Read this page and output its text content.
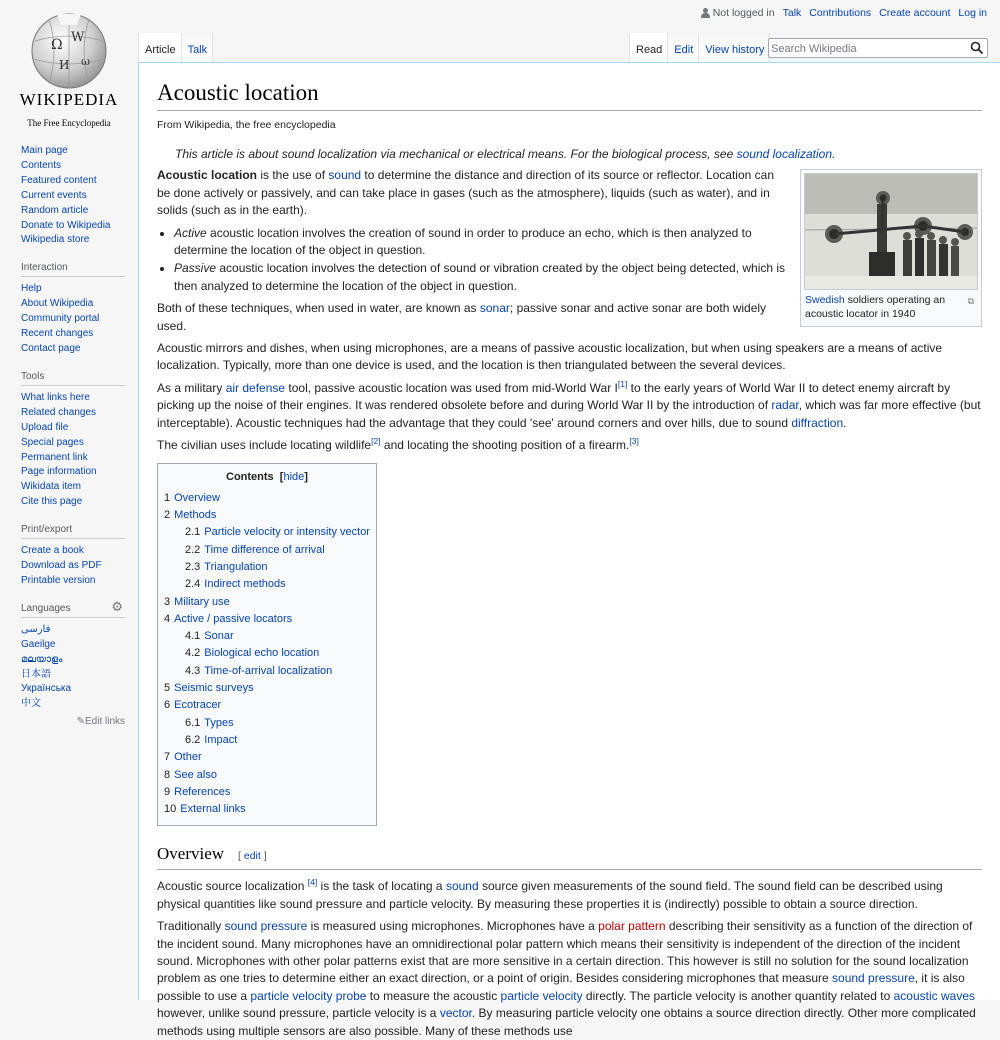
Ω W
И ω
WIKIPEDIA
The Free Encyclopedia
Not logged in Talk Contributions Create account Log in
Article	Talk	Read	Edit	View history
Search Wikipedia
Main page
Contents
Featured content
Current events
Random article
Donate to Wikipedia
Wikipedia store
Interaction
Help
About Wikipedia
Community portal
Recent changes
Contact page
Tools
What links here
Related changes
Upload file
Special pages
Permanent link
Page information
Wikidata item
Cite this page
Print/export
Create a book
Download as PDF
Printable version
Languages	⚙
فارسی
Gaeilge
മലയാളം
日本語
Українська
中文
✎Edit links
Acoustic location
From Wikipedia, the free encyclopedia
This article is about sound localization via mechanical or electrical means. For the biological process, see sound localization.
⧉
Swedish soldiers operating an acoustic locator in 1940

Acoustic location is the use of sound to determine the distance and direction of its source or reflector. Location can be done actively or passively, and can take place in gases (such as the atmosphere), liquids (such as water), and in solids (such as in the earth).

• Active acoustic location involves the creation of sound in order to produce an echo, which is then analyzed to determine the location of the object in question.
• Passive acoustic location involves the detection of sound or vibration created by the object being detected, which is then analyzed to determine the location of the object in question.

Both of these techniques, when used in water, are known as sonar; passive sonar and active sonar are both widely used.

Acoustic mirrors and dishes, when using microphones, are a means of passive acoustic localization, but when using speakers are a means of active localization. Typically, more than one device is used, and the location is then triangulated between the several devices.

As a military air defense tool, passive acoustic location was used from mid-World War I[1] to the early years of World War II to detect enemy aircraft by picking up the noise of their engines. It was rendered obsolete before and during World War II by the introduction of radar, which was far more effective (but interceptable). Acoustic techniques had the advantage that they could 'see' around corners and over hills, due to sound diffraction.

The civilian uses include locating wildlife[2] and locating the shooting position of a firearm.[3]

Contents  [hide]
1 Overview
2 Methods
2.1 Particle velocity or intensity vector
2.2 Time difference of arrival
2.3 Triangulation
2.4 Indirect methods
3 Military use
4 Active / passive locators
4.1 Sonar
4.2 Biological echo location
4.3 Time-of-arrival localization
5 Seismic surveys
6 Ecotracer
6.1 Types
6.2 Impact
7 Other
8 See also
9 References
10 External links
Overview [ edit ]

Acoustic source localization [4] is the task of locating a sound source given measurements of the sound field. The sound field can be described using physical quantities like sound pressure and particle velocity. By measuring these properties it is (indirectly) possible to obtain a source direction.

Traditionally sound pressure is measured using microphones. Microphones have a polar pattern describing their sensitivity as a function of the direction of the incident sound. Many microphones have an omnidirectional polar pattern which means their sensitivity is independent of the direction of the incident sound. Microphones with other polar patterns exist that are more sensitive in a certain direction. This however is still no solution for the sound localization problem as one tries to determine either an exact direction, or a point of origin. Besides considering microphones that measure sound pressure, it is also possible to use a particle velocity probe to measure the acoustic particle velocity directly. The particle velocity is another quantity related to acoustic waves however, unlike sound pressure, particle velocity is a vector. By measuring particle velocity one obtains a source direction directly. Other more complicated methods using multiple sensors are also possible. Many of these methods use
